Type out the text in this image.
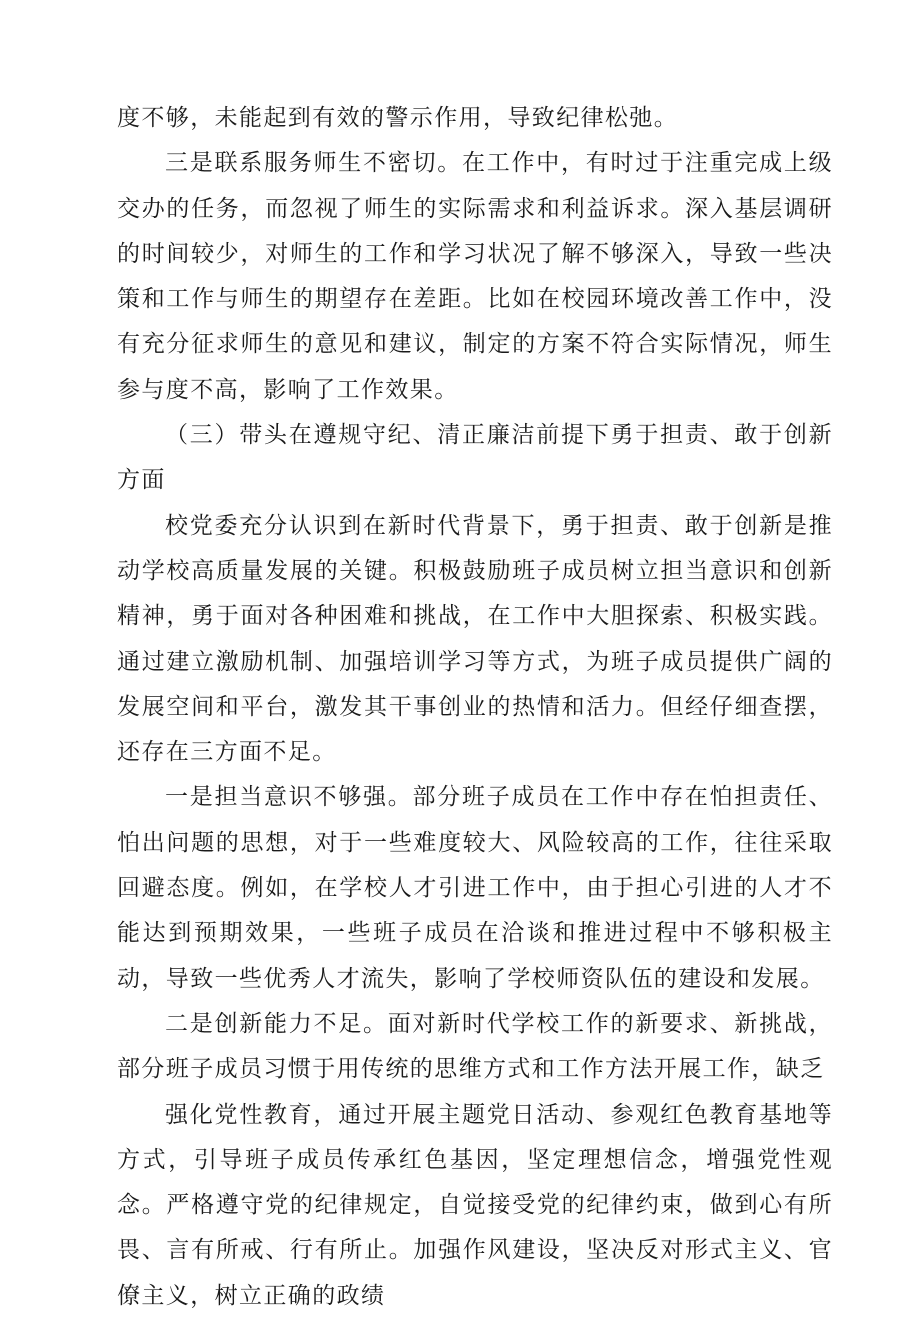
度不够，未能起到有效的警示作用，导致纪律松弛。

三是联系服务师生不密切。在工作中，有时过于注重完成上级交办的任务，而忽视了师生的实际需求和利益诉求。深入基层调研的时间较少，对师生的工作和学习状况了解不够深入，导致一些决策和工作与师生的期望存在差距。比如在校园环境改善工作中，没有充分征求师生的意见和建议，制定的方案不符合实际情况，师生参与度不高，影响了工作效果。

（三）带头在遵规守纪、清正廉洁前提下勇于担责、敢于创新方面

校党委充分认识到在新时代背景下，勇于担责、敢于创新是推动学校高质量发展的关键。积极鼓励班子成员树立担当意识和创新精神，勇于面对各种困难和挑战，在工作中大胆探索、积极实践。通过建立激励机制、加强培训学习等方式，为班子成员提供广阔的发展空间和平台，激发其干事创业的热情和活力。但经仔细查摆，还存在三方面不足。

一是担当意识不够强。部分班子成员在工作中存在怕担责任、怕出问题的思想，对于一些难度较大、风险较高的工作，往往采取回避态度。例如，在学校人才引进工作中，由于担心引进的人才不能达到预期效果，一些班子成员在洽谈和推进过程中不够积极主动，导致一些优秀人才流失，影响了学校师资队伍的建设和发展。

二是创新能力不足。面对新时代学校工作的新要求、新挑战，部分班子成员习惯于用传统的思维方式和工作方法开展工作，缺乏

强化党性教育，通过开展主题党日活动、参观红色教育基地等方式，引导班子成员传承红色基因，坚定理想信念，增强党性观念。严格遵守党的纪律规定，自觉接受党的纪律约束，做到心有所畏、言有所戒、行有所止。加强作风建设，坚决反对形式主义、官僚主义，树立正确的政绩
